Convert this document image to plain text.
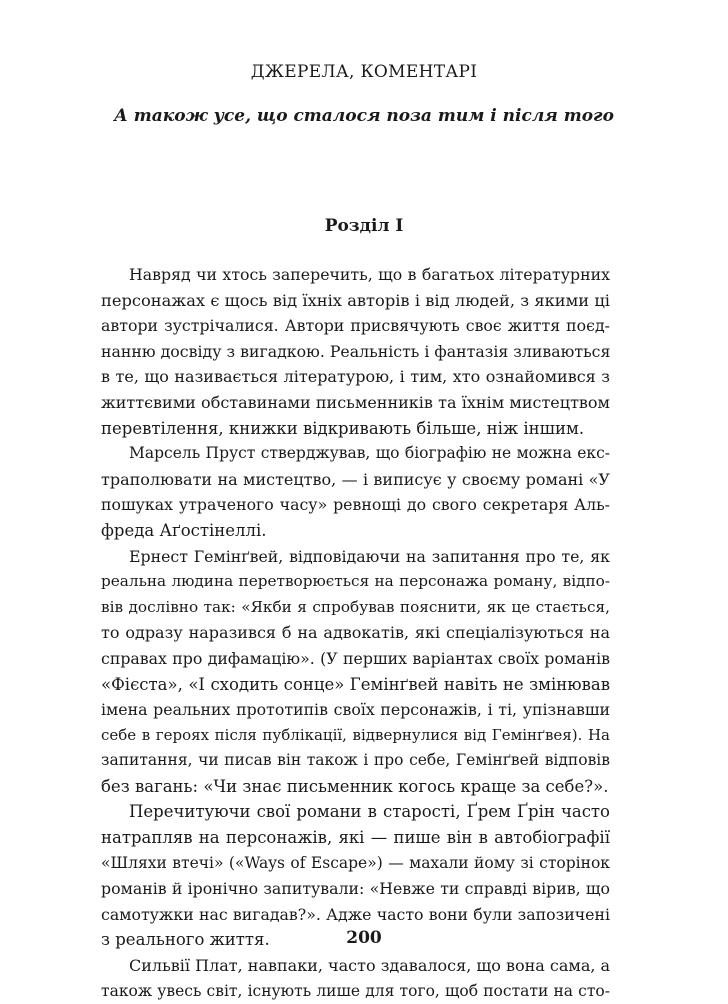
ДЖЕРЕЛА, КОМЕНТАРІ
А також усе, що сталося поза тим і після того
Розділ I
Навряд чи хтось заперечить, що в багатьох літературних
персонажах є щось від їхніх авторів і від людей, з якими ці
автори зустрічалися. Автори присвячують своє життя поєд-
нанню досвіду з вигадкою. Реальність і фантазія зливаються
в те, що називається літературою, і тим, хто ознайомився з
життєвими обставинами письменників та їхнім мистецтвом
перевтілення, книжки відкривають більше, ніж іншим.
Марсель Пруст стверджував, що біографію не можна екс-
траполювати на мистецтво, — і виписує у своєму романі «У
пошуках утраченого часу» ревнощі до свого секретаря Аль-
фреда Аґостінеллі.
Ернест Гемінґвей, відповідаючи на запитання про те, як
реальна людина перетворюється на персонажа роману, відпо-
вів дослівно так: «Якби я спробував пояснити, як це стається,
то одразу наразився б на адвокатів, які спеціалізуються на
справах про дифамацію». (У перших варіантах своїх романів
«Фієста», «І сходить сонце» Гемінґвей навіть не змінював
імена реальних прототипів своїх персонажів, і ті, упізнавши
себе в героях після публікації, відвернулися від Гемінґвея). На
запитання, чи писав він також і про себе, Гемінґвей відповів
без вагань: «Чи знає письменник когось краще за себе?».
Перечитуючи свої романи в старості, Ґрем Ґрін часто
натрапляв на персонажів, які — пише він в автобіографії
«Шляхи втечі» («Ways of Escape») — махали йому зі сторінок
романів й іронічно запитували: «Невже ти справді вірив, що
самотужки нас вигадав?». Адже часто вони були запозичені
з реального життя.
Сильвії Плат, навпаки, часто здавалося, що вона сама, а
також увесь світ, існують лише для того, щоб постати на сто-
200
